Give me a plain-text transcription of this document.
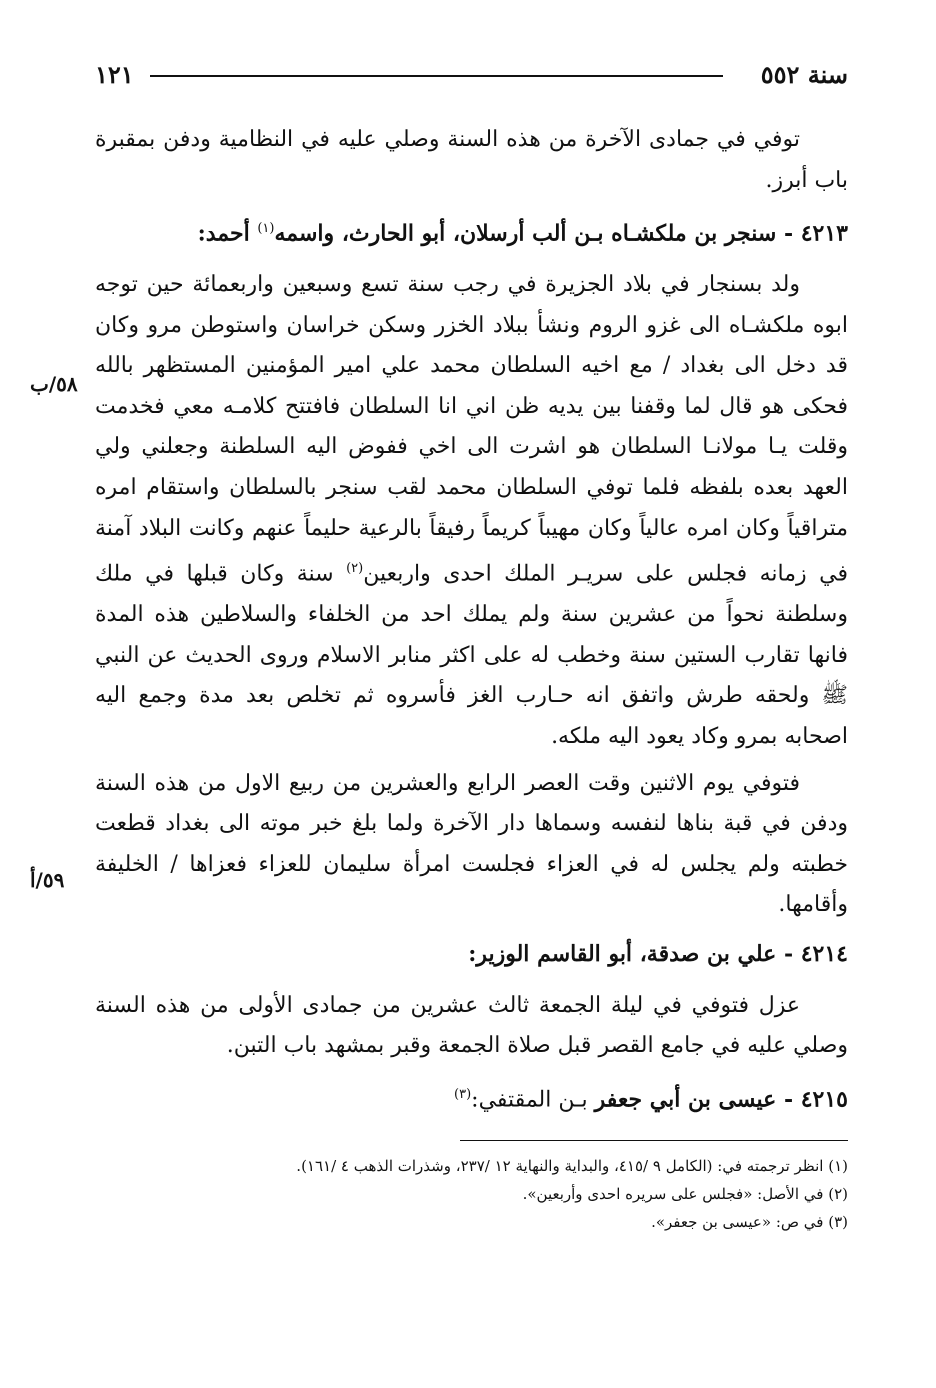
١٢١	سنة ٥٥٢

توفي في جمادى الآخرة من هذه السنة وصلي عليه في النظامية ودفن بمقبرة باب أبرز.

٤٢١٣ - سنجر بن ملكشـاه بـن ألب أرسلان، أبو الحارث، واسمه$^{(١)}$ أحمد:

ولد بسنجار في بلاد الجزيرة في رجب سنة تسع وسبعين واربعمائة حين توجه ابوه ملكشـاه الى غزو الروم ونشأ ببلاد الخزر وسكن خراسان واستوطن مرو وكان قد دخل الى بغداد / مع اخيه السلطان محمد علي امير المؤمنين المستظهر بالله فحكى هو قال لما وقفنا بين يديه ظن اني انا السلطان فافتتح كلامـه معي فخدمت وقلت يـا مولانـا السلطان هو اشرت الى اخي ففوض اليه السلطنة وجعلني ولي العهد بعده بلفظه فلما توفي السلطان محمد لقب سنجر بالسلطان واستقام امره متراقياً وكان امره عالياً وكان مهيباً كريماً رفيقاً بالرعية حليماً عنهم وكانت البلاد آمنة في زمانه فجلس على سريـر الملك احدى واربعين$^{(٢)}$ سنة وكان قبلها في ملك وسلطنة نحواً من عشرين سنة ولم يملك احد من الخلفاء والسلاطين هذه المدة فانها تقارب الستين سنة وخطب له على اكثر منابر الاسلام وروى الحديث عن النبي ﷺ ولحقه طرش واتفق انه حـارب الغز فأسروه ثم تخلص بعد مدة وجمع اليه اصحابه بمرو وكاد يعود اليه ملكه.

فتوفي يوم الاثنين وقت العصر الرابع والعشرين من ربيع الاول من هذه السنة ودفن في قبة بناها لنفسه وسماها دار الآخرة ولما بلغ خبر موته الى بغداد قطعت خطبته ولم يجلس له في العزاء فجلست امرأة سليمان للعزاء فعزاها / الخليفة وأقامها.

٤٢١٤ - علي بن صدقة، أبو القاسم الوزير:

عزل فتوفي في ليلة الجمعة ثالث عشرين من جمادى الأولى من هذه السنة وصلي عليه في جامع القصر قبل صلاة الجمعة وقبر بمشهد باب التبن.

٤٢١٥ - عيسى بن أبي جعفر بـن المقتفي:$^{(٣)}$
٥٨/ب
٥٩/أ
(١) انظر ترجمته في: (الكامل ٩ /٤١٥، والبداية والنهاية ١٢ /٢٣٧، وشذرات الذهب ٤ /١٦١).
(٢) في الأصل: «فجلس على سريره احدى وأربعين».
(٣) في ص: «عيسى بن جعفر».
